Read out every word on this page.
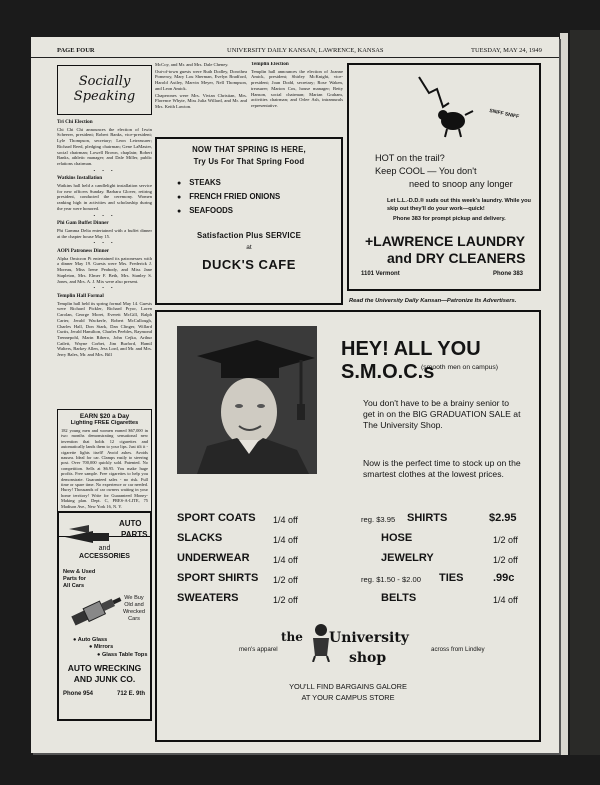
PAGE FOUR	UNIVERSITY DAILY KANSAN, LAWRENCE, KANSAS	TUESDAY, MAY 24, 1949
Socially
Speaking
Tri Chi Election

Chi Chi Chi announces the election of Irwin Scheerer, president; Robert Banks, vice-president; Lyle Thompson, secretary; Leon Letreasurer; Richard Reed, pledging chairman; Gene LaMaster, social chairman; Lowell Brown, chaplain; Robert Banks, athletic manager; and Dale Miller, public relations chairman.

• • •
Watkins Installation

Watkins hall held a candlelight installation service for new officers Sunday. Barbara Glover, retiring president, conducted the ceremony. Women ranking high in activities and scholarship during the year were honored.

• • •
Phi Gam Buffet Dinner

Phi Gamma Delta entertained with a buffet dinner at the chapter house May 15.

• • •
AOPi Patroness Dinner

Alpha Omicron Pi entertained its patronesses with a dinner May 19. Guests were Mrs. Frederick J. Moreau, Miss Irene Peabody, and Miss Jane Stapleton, Mrs. Elmer F. Beth, Mrs. Stanley S. Jones, and Mrs. A. J. Mix were also present.

• • •
Templin Hall Formal

Templin hall held its spring formal May 14. Guests were Richard Pickler, Richard Pryor, Loren Carolan, George Moret, Everett McGill, Ralph Carter, Jerald Wackerle, Robert McCullough, Charles Hall, Don Stark, Dan Clinger, Willard Curtis, Jerald Hamilton, Charles Peebles, Raymond Trennepohl, Marin Ribero, John Cejka, Arthur Catlett, Wayne Corbet, Jim Burford, Hamil Walters, Barkey Allen, Jess Lord, and Mr. and Mrs. Jerry Bales, Mr. and Mrs. Bill

EARN $20 a Day
Lighting FREE Cigarettes
182 young men and women earned $67,000 in two months demonstrating sensational new invention that holds 12 cigarettes and automatically lands them to your lips. Just tilt it - cigarette lights itself! Avoid ashes. Avoids nausea. Ideal for car. Clamps easily to steering post. Over 700,000 quickly sold. Patented. No competition. Sells at $6.95. You make huge profits. Free sample. Free cigarettes to help you demonstrate. Guaranteed sales - no risk. Full time or spare time. No experience or car needed. Hurry! Thousands of car owners waiting in your home territory! Write for Guaranteed Money-Making plan. Dept. C, PRES-A-LITE, 75 Madison Ave., New York 16, N. Y.
AUTO
PARTS
and
ACCESSORIES
New & Used
Parts for
All Cars
We Buy
Old and
Wrecked
Cars
● Auto Glass
● Mirrors
● Glass Table Tops
AUTO WRECKING
AND JUNK CO.
Phone 954	712 E. 9th

McCoy, and Mr. and Mrs. Dale Cheney.

Out-of-town guests were Ruth Dodley, Dorothea Pomeroy, Mary Lou Sherman, Evelyn Bradford, Harold Axtley, Marvin Meyer, Nell Thompson, and Leon Amick.

Chaperones were Mrs. Vivian Christian, Mrs. Florence Whyte, Miss Julia Willard, and Mr. and Mrs. Keith Lawton.

Templin Election

Templin hall announces the election of Joanne Amick, president; Shirley McKnight, vice-president; Joan Dodd, secretary; Rose Waken, treasurer; Marion Cox, house manager; Betty Hanson, social chairman; Marian Graham, activities chairman; and Orlee Ash, intramurals representative.

NOW THAT SPRING IS HERE,
Try Us For That Spring Food
● STEAKS
● FRENCH FRIED ONIONS
● SEAFOODS
Satisfaction Plus SERVICE
at
DUCK'S CAFE
SNIFF SNIFF
HOT on the trail?
Keep COOL — You don't
need to snoop any longer
Let L.L.-D.D.® suds out this week's laundry. While you
skip out they'll do your work—quick!
Phone 383 for prompt pickup and delivery.
+LAWRENCE LAUNDRY
and DRY CLEANERS
1101 Vermont	Phone 383
Read the University Daily Kansan—Patronize Its Advertisers.
HEY! ALL YOU S.M.O.C.s
(smooth men on campus)
You don't have to be a brainy senior to get in on the BIG GRADUATION SALE at The University Shop.
Now is the perfect time to stock up on the smartest clothes at the lowest prices.
SPORT COATS 1/4 off
SLACKS	1/4 off
UNDERWEAR	1/4 off
SPORT SHIRTS 1/2 off
SWEATERS	1/2 off
reg. $3.95 SHIRTS	$2.95
HOSE	1/2 off
JEWELRY	1/2 off
reg. $1.50 - $2.00 TIES	.99c
BELTS	1/4 off
men's apparel	across from Lindley
the University
shop
YOU'LL FIND BARGAINS GALORE
AT YOUR CAMPUS STORE
